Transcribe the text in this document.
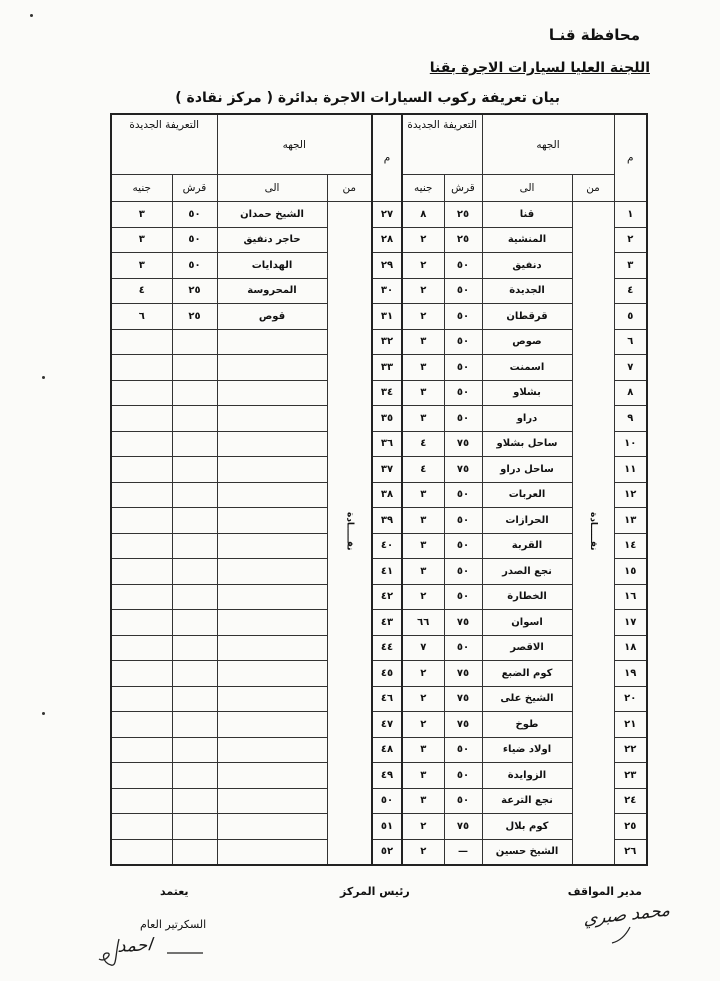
محافظة قنـا
اللجنة العليا لسيارات الاجرة بقنا
بيان تعريفة ركوب السيارات الاجرة بدائرة ( مركز نقادة )
م	الجهه		التعريفة الجديدة		م	الجهه		التعريفة الجديدة	
	من	الى	قرش	جنيه		من	الى	قرش	جنيه
١	نقـــــادة	قنا	٢٥	٨	٢٧	نقـــــادة	الشيخ حمدان	٥٠	٣
٢		المنشية	٢٥	٢	٢٨		حاجر دنفيق	٥٠	٣
٣		دنفيق	٥٠	٢	٢٩		الهدايات	٥٠	٣
٤		الجديدة	٥٠	٢	٣٠		المحروسة	٢٥	٤
٥		قرقطان	٥٠	٢	٣١		قوص	٢٥	٦
٦		صوص	٥٠	٣	٣٢				
٧		اسمنت	٥٠	٣	٣٣				
٨		بشلاو	٥٠	٣	٣٤				
٩		دراو	٥٠	٣	٣٥				
١٠		ساحل بشلاو	٧٥	٤	٣٦				
١١		ساحل دراو	٧٥	٤	٣٧				
١٢		العربات	٥٠	٣	٣٨				
١٣		الحرازات	٥٠	٣	٣٩				
١٤		القربة	٥٠	٣	٤٠				
١٥		نجع الصدر	٥٠	٣	٤١				
١٦		الخطارة	٥٠	٢	٤٢				
١٧		اسوان	٧٥	٦٦	٤٣				
١٨		الاقصر	٥٠	٧	٤٤				
١٩		كوم الضبع	٧٥	٢	٤٥				
٢٠		الشيخ على	٧٥	٢	٤٦				
٢١		طوخ	٧٥	٢	٤٧				
٢٢		اولاد ضياء	٥٠	٣	٤٨				
٢٣		الزوايدة	٥٠	٣	٤٩				
٢٤		نجع الترعة	٥٠	٣	٥٠				
٢٥		كوم بلال	٧٥	٢	٥١				
٢٦		الشيخ حسين	—	٢	٥٢				
مدير المواقف
رئيس المركز
يعتمد
السكرتير العام	محمد صبري
احمد
